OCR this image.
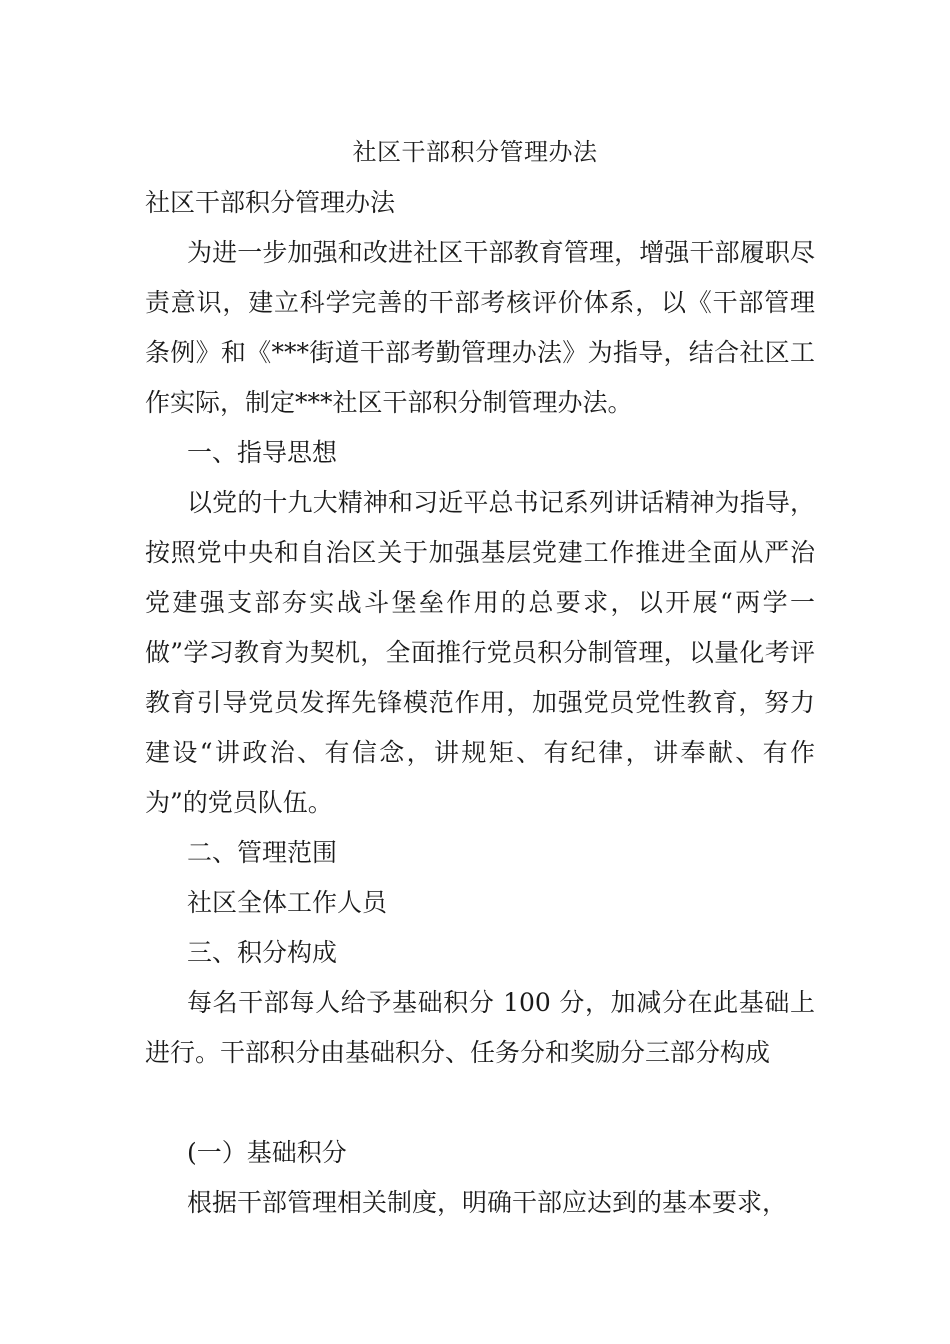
社区干部积分管理办法

社区干部积分管理办法

为进一步加强和改进社区干部教育管理，增强干部履职尽责意识，建立科学完善的干部考核评价体系，以《干部管理条例》和《***街道干部考勤管理办法》为指导，结合社区工作实际，制定***社区干部积分制管理办法。

一、指导思想

以党的十九大精神和习近平总书记系列讲话精神为指导，按照党中央和自治区关于加强基层党建工作推进全面从严治党建强支部夯实战斗堡垒作用的总要求，以开展“两学一做”学习教育为契机，全面推行党员积分制管理，以量化考评教育引导党员发挥先锋模范作用，加强党员党性教育，努力建设“讲政治、有信念，讲规矩、有纪律，讲奉献、有作为”的党员队伍。

二、管理范围

社区全体工作人员

三、积分构成

每名干部每人给予基础积分 100 分，加减分在此基础上进行。干部积分由基础积分、任务分和奖励分三部分构成

(一）基础积分

根据干部管理相关制度，明确干部应达到的基本要求，
